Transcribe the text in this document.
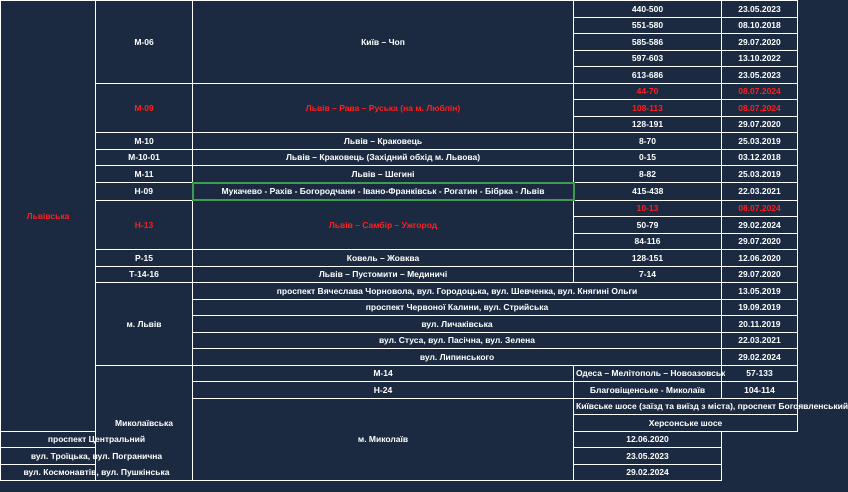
Львівська	М-06	Київ – Чоп	440-500	23.05.2023	
			551-580	08.10.2018	
			585-586	29.07.2020	
			597-603	13.10.2022	
			613-686	23.05.2023	
	М-09	Львів – Рава – Руська (на м. Люблін)	44-70	08.07.2024	
			108-113	08.07.2024	
			128-191	29.07.2020	
	М-10	Львів – Краковець	8-70	25.03.2019	
	М-10-01	Львів – Краковець (Західний обхід м. Львова)	0-15	03.12.2018	
	М-11	Львів – Шегині	8-82	25.03.2019	
	Н-09	Мукачево - Рахів - Богородчани - Івано-Франківськ - Рогатин - Бібрка - Львів	415-438	22.03.2021	
	Н-13	Львів – Самбір – Ужгород	10-13	08.07.2024	
			50-79	29.02.2024	
			84-116	29.07.2020	
	Р-15	Ковель – Жовква	128-151	12.06.2020	
	Т-14-16	Львів – Пустомити – Мединичі	7-14	29.07.2020	
	м. Львів	проспект Вячеслава Чорновола, вул. Городоцька, вул. Шевченка, вул. Княгині Ольги		13.05.2019	
		проспект Червоної Калини, вул. Стрийська		19.09.2019	
		вул. Личаківська		20.11.2019	
		вул. Стуса, вул. Пасічна, вул. Зелена		22.03.2021	
		вул. Липинського		29.02.2024	
	Миколаївська	М-14	Одеса – Мелітополь – Новоазовськ	57-133	
		Н-24	Благовіщенське - Миколаїв	104-114	
		м. Миколаїв	Київське шосе (заїзд та виїзд з міста), проспект Богоявленський	
			Херсонське шосе	
проспект Центральний			12.06.2020		
вул. Троїцька, вул. Погранична			23.05.2023		
вул. Космонавтів, вул. Пушкінська			29.02.2024		
